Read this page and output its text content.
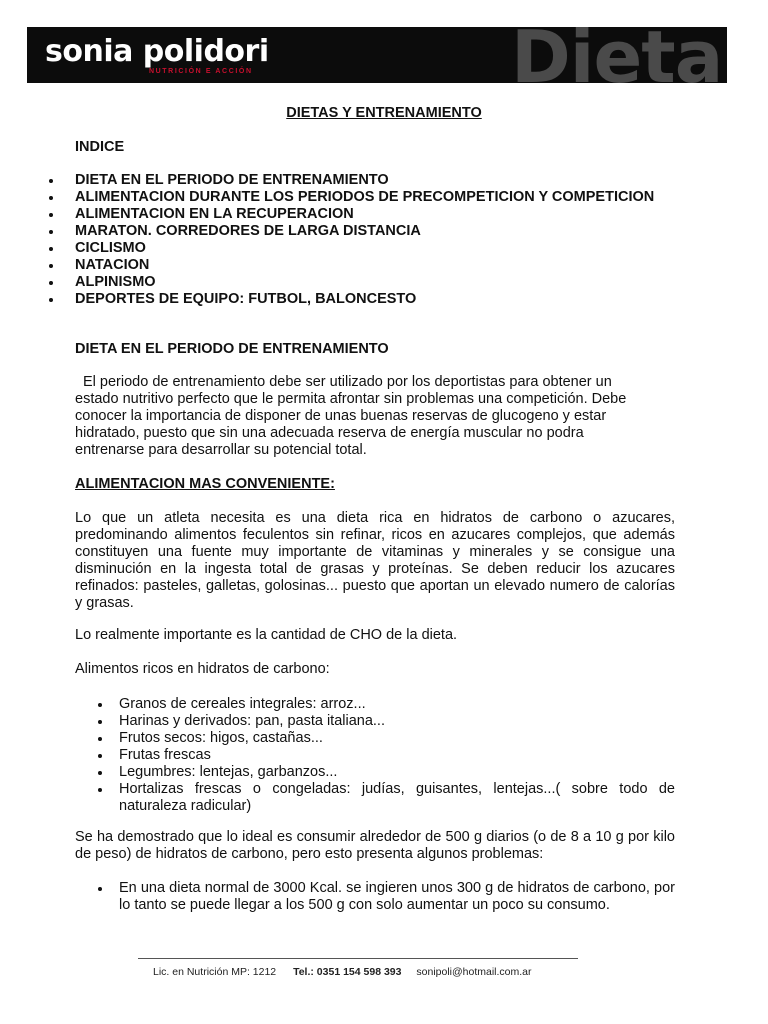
sonia polidori
NUTRICIÓN E ACCIÓN	Dieta
DIETAS Y ENTRENAMIENTO
INDICE
DIETA EN EL PERIODO DE ENTRENAMIENTO
ALIMENTACION DURANTE LOS PERIODOS DE PRECOMPETICION Y COMPETICION
ALIMENTACION EN LA RECUPERACION
MARATON. CORREDORES DE LARGA DISTANCIA
CICLISMO
NATACION
ALPINISMO
DEPORTES DE EQUIPO: FUTBOL, BALONCESTO
DIETA EN EL PERIODO DE ENTRENAMIENTO

El periodo de entrenamiento debe ser utilizado por los deportistas para obtener un estado nutritivo perfecto que le permita afrontar sin problemas una competición. Debe conocer la importancia de disponer de unas buenas reservas de glucogeno y estar hidratado, puesto que sin una adecuada reserva de energía muscular no podra entrenarse para desarrollar su potencial total.

ALIMENTACION MAS CONVENIENTE:

Lo que un atleta necesita es una dieta rica en hidratos de carbono o azucares, predominando alimentos feculentos sin refinar, ricos en azucares complejos, que además constituyen una fuente muy importante de vitaminas y minerales y se consigue una disminución en la ingesta total de grasas y proteínas. Se deben reducir los azucares refinados: pasteles, galletas, golosinas... puesto que aportan un elevado numero de calorías y grasas.

Lo realmente importante es la cantidad de CHO de la dieta.

Alimentos ricos en hidratos de carbono:

Granos de cereales integrales: arroz...
Harinas y derivados: pan, pasta italiana...
Frutos secos: higos, castañas...
Frutas frescas
Legumbres: lentejas, garbanzos...
Hortalizas frescas o congeladas: judías, guisantes, lentejas...( sobre todo de naturaleza radicular)

Se ha demostrado que lo ideal es consumir alrededor de 500 g diarios (o de 8 a 10 g por kilo de peso) de hidratos de carbono, pero esto presenta algunos problemas:

En una dieta normal de 3000 Kcal. se ingieren unos 300 g de hidratos de carbono, por lo tanto se puede llegar a los 500 g con solo aumentar un poco su consumo.
Lic. en Nutrición MP: 1212 Tel.: 0351 154 598 393 sonipoli@hotmail.com.ar
